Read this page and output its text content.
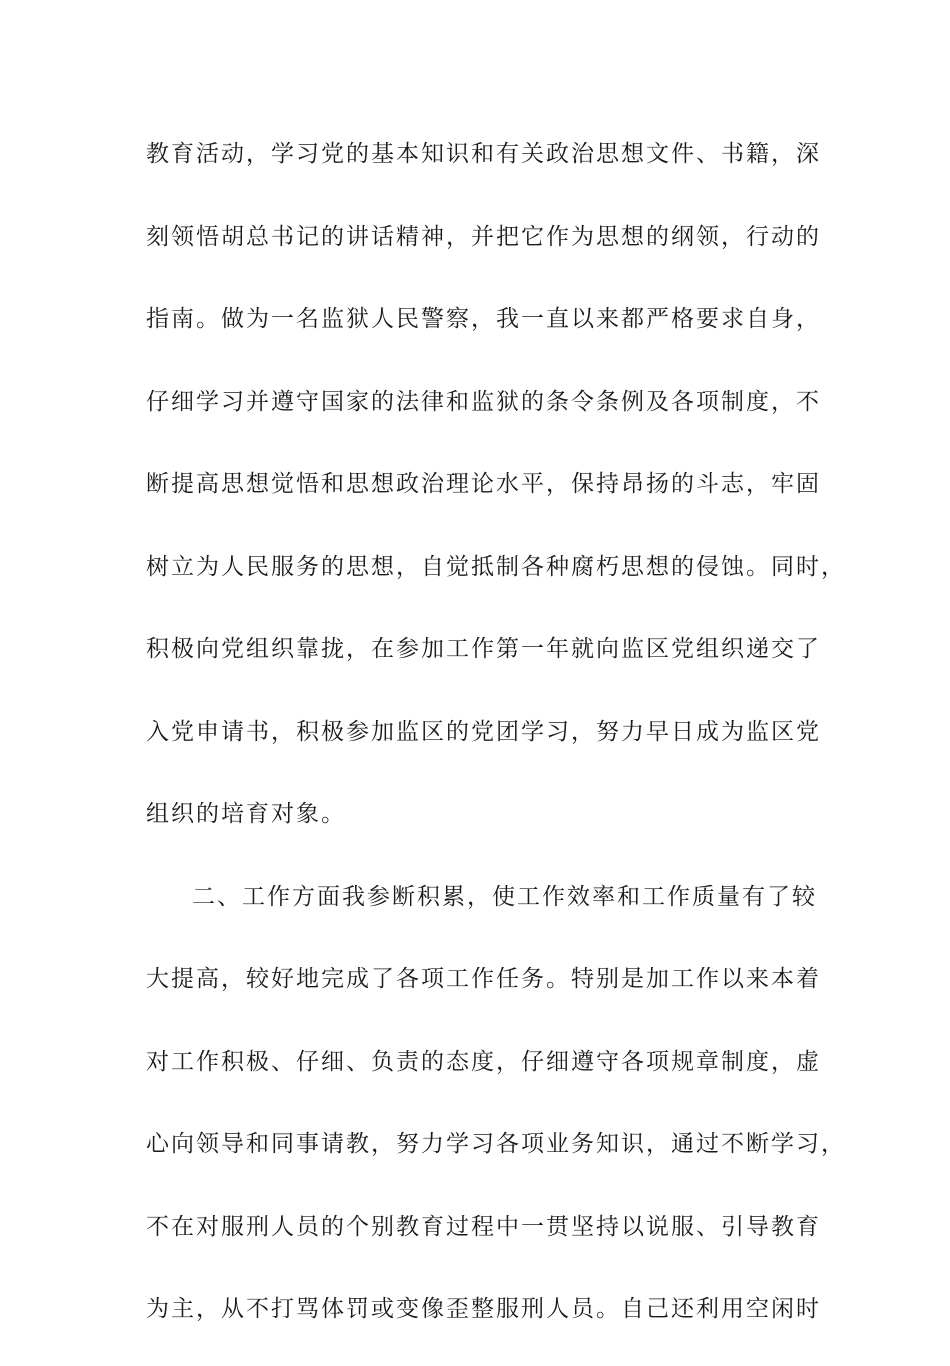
教育活动，学习党的基本知识和有关政治思想文件、书籍，深
刻领悟胡总书记的讲话精神，并把它作为思想的纲领，行动的
指南。做为一名监狱人民警察，我一直以来都严格要求自身，
仔细学习并遵守国家的法律和监狱的条令条例及各项制度，不
断提高思想觉悟和思想政治理论水平，保持昂扬的斗志，牢固
树立为人民服务的思想，自觉抵制各种腐朽思想的侵蚀。同时，
积极向党组织靠拢，在参加工作第一年就向监区党组织递交了
入党申请书，积极参加监区的党团学习，努力早日成为监区党
组织的培育对象。
二、工作方面我参断积累，使工作效率和工作质量有了较
大提高，较好地完成了各项工作任务。特别是加工作以来本着
对工作积极、仔细、负责的态度，仔细遵守各项规章制度，虚
心向领导和同事请教，努力学习各项业务知识，通过不断学习，
不在对服刑人员的个别教育过程中一贯坚持以说服、引导教育
为主，从不打骂体罚或变像歪整服刑人员。自己还利用空闲时
